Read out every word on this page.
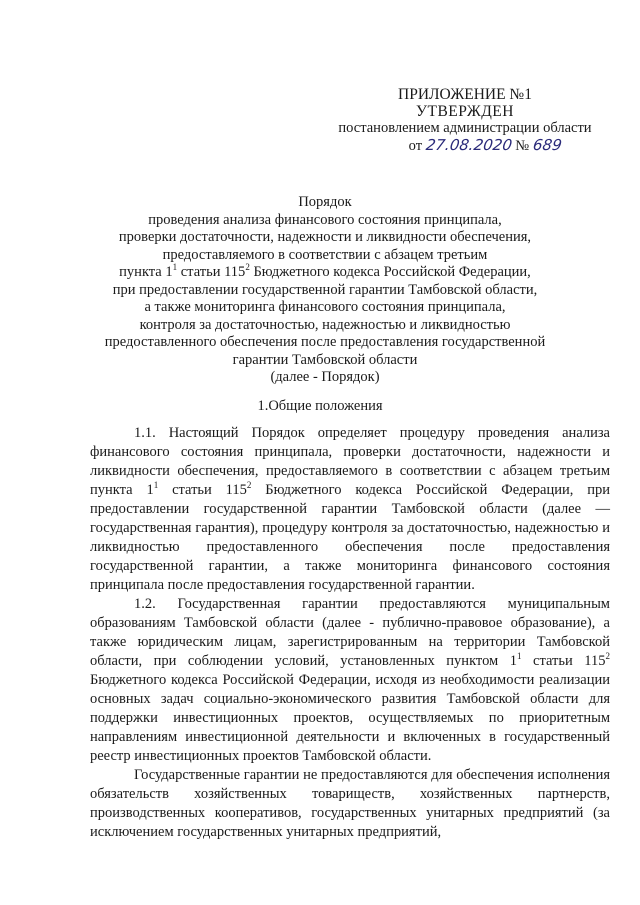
ПРИЛОЖЕНИЕ №1
УТВЕРЖДЕН
постановлением администрации области
от 27.08.2020 № 689
Порядок
проведения анализа финансового состояния принципала,
проверки достаточности, надежности и ликвидности обеспечения,
предоставляемого в соответствии с абзацем третьим
пункта $1^1$ статьи $115^2$ Бюджетного кодекса Российской Федерации,
при предоставлении государственной гарантии Тамбовской области,
а также мониторинга финансового состояния принципала,
контроля за достаточностью, надежностью и ликвидностью
предоставленного обеспечения после предоставления государственной
гарантии Тамбовской области
(далее - Порядок)
1.Общие положения

1.1. Настоящий Порядок определяет процедуру проведения анализа финансового состояния принципала, проверки достаточности, надежности и ликвидности обеспечения, предоставляемого в соответствии с абзацем третьим пункта $1^1$ статьи $115^2$ Бюджетного кодекса Российской Федерации, при предоставлении государственной гарантии Тамбовской области (далее — государственная гарантия), процедуру контроля за достаточностью, надежностью и ликвидностью предоставленного обеспечения после предоставления государственной гарантии, а также мониторинга финансового состояния принципала после предоставления государственной гарантии.

1.2. Государственная гарантии предоставляются муниципальным образованиям Тамбовской области (далее - публично-правовое образование), а также юридическим лицам, зарегистрированным на территории Тамбовской области, при соблюдении условий, установленных пунктом $1^1$ статьи $115^2$ Бюджетного кодекса Российской Федерации, исходя из необходимости реализации основных задач социально-экономического развития Тамбовской области для поддержки инвестиционных проектов, осуществляемых по приоритетным направлениям инвестиционной деятельности и включенных в государственный реестр инвестиционных проектов Тамбовской области.

Государственные гарантии не предоставляются для обеспечения исполнения обязательств хозяйственных товариществ, хозяйственных партнерств, производственных кооперативов, государственных унитарных предприятий (за исключением государственных унитарных предприятий,
